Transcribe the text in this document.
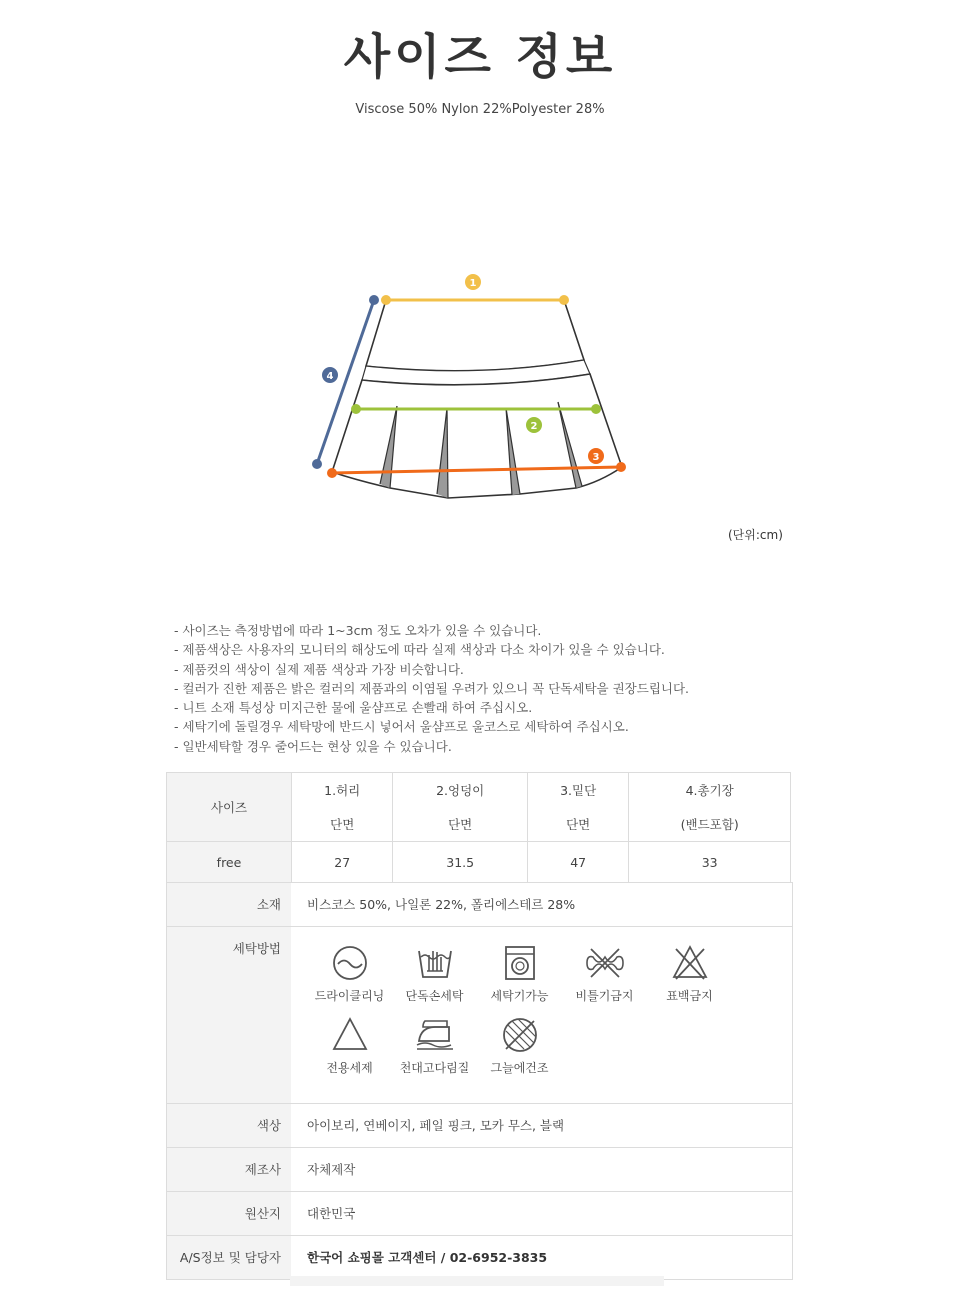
사이즈 정보
Viscose 50% Nylon 22%Polyester 28%
4
1
2
3
(단위:cm)
- 사이즈는 측정방법에 따라 1~3cm 정도 오차가 있을 수 있습니다.
- 제품색상은 사용자의 모니터의 해상도에 따라 실제 색상과 다소 차이가 있을 수 있습니다.
- 제품컷의 색상이 실제 제품 색상과 가장 비슷합니다.
- 컬러가 진한 제품은 밝은 컬러의 제품과의 이염될 우려가 있으니 꼭 단독세탁을 권장드립니다.
- 니트 소재 특성상 미지근한 물에 울샴프로 손빨래 하여 주십시오.
- 세탁기에 돌릴경우 세탁망에 반드시 넣어서 울샴프로 울코스로 세탁하여 주십시오.
- 일반세탁할 경우 줄어드는 현상 있을 수 있습니다.
사이즈	1.허리	2.엉덩이	3.밑단	4.총기장
	단면	단면	단면	(밴드포함)
free	27	31.5	47	33
소재	비스코스 50%, 나일론 22%, 폴리에스테르 28%
세탁방법
드라이클리닝	단독손세탁	세탁기가능	비틀기금지	표백금지
전용세제	천대고다림질	그늘에건조
색상	아이보리, 연베이지, 페일 핑크, 모카 무스, 블랙
제조사	자체제작
원산지	대한민국
A/S정보 및 담당자	한국어 쇼핑몰 고객센터 / 02-6952-3835
